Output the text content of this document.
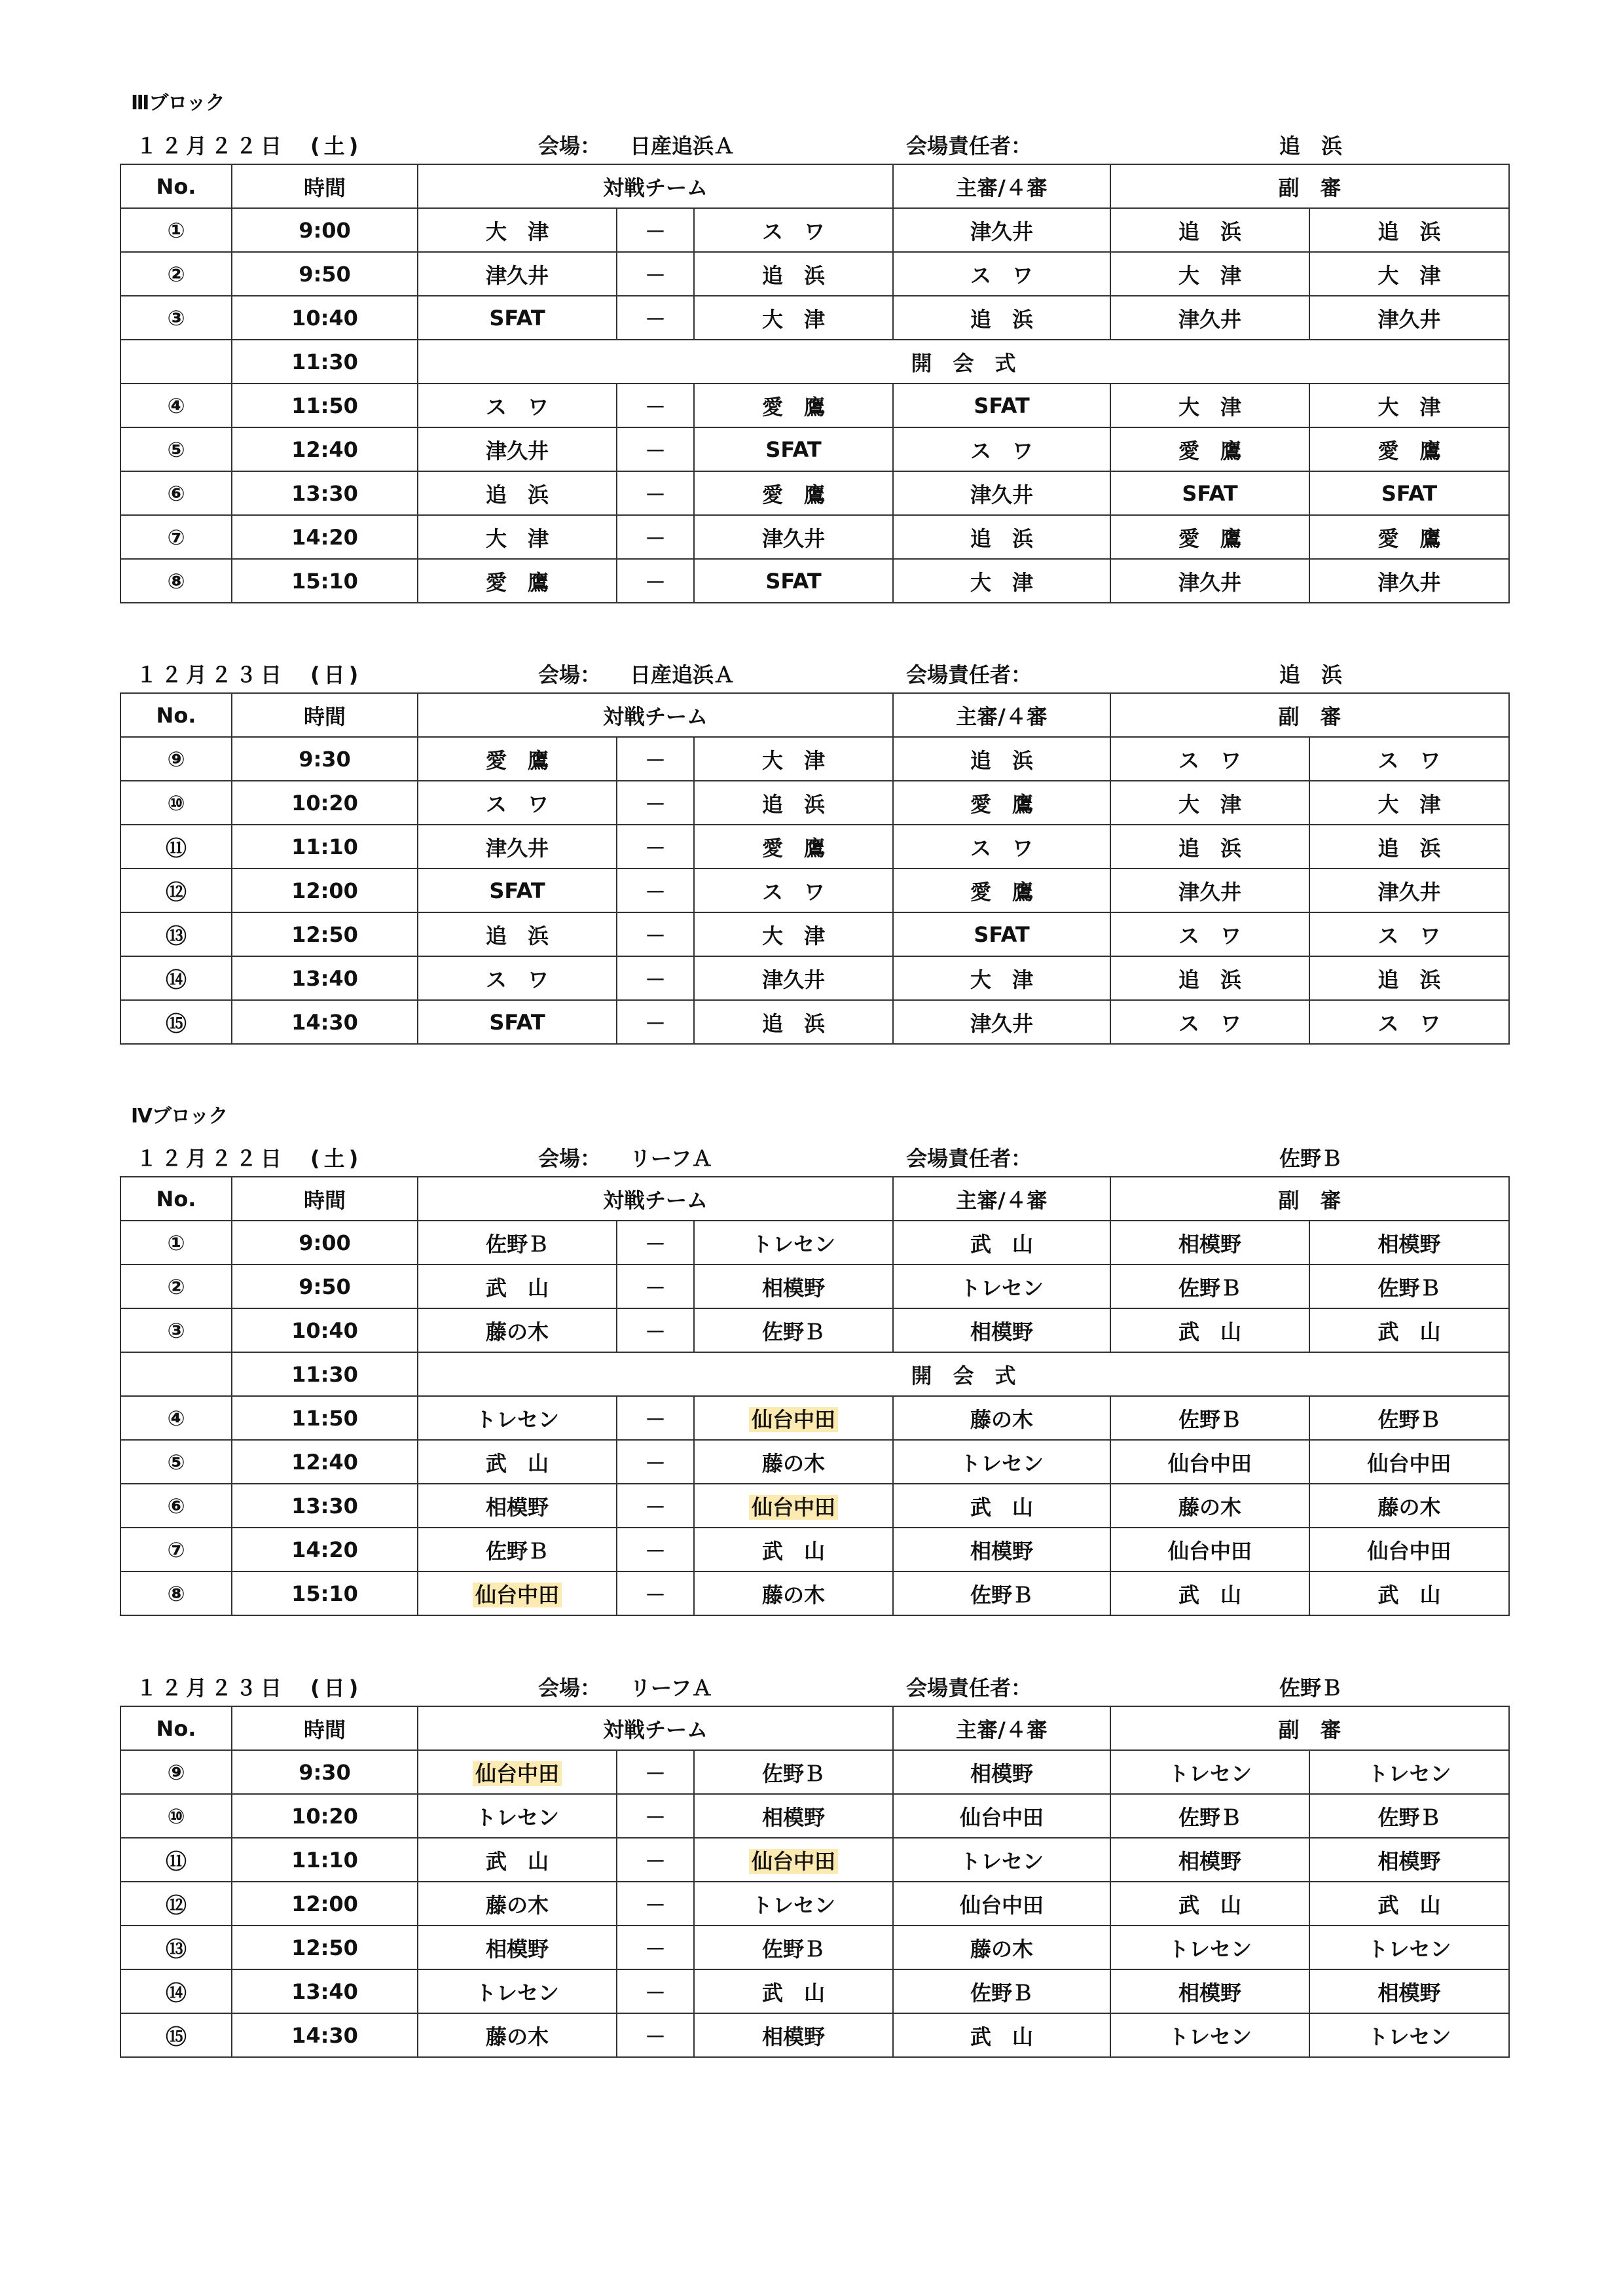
Ⅲブロック
１２月２２日　(土)	会場： 日産追浜Ａ	会場責任者：	追　浜
No.	時間	対戦チーム			主審/４審	副　審	
①	9:00	大　津	－	ス　ワ	津久井	追　浜	追　浜
②	9:50	津久井	－	追　浜	ス　ワ	大　津	大　津
③	10:40	SFAT	－	大　津	追　浜	津久井	津久井
	11:30	開　会　式					
④	11:50	ス　ワ	－	愛　鷹	SFAT	大　津	大　津
⑤	12:40	津久井	－	SFAT	ス　ワ	愛　鷹	愛　鷹
⑥	13:30	追　浜	－	愛　鷹	津久井	SFAT	SFAT
⑦	14:20	大　津	－	津久井	追　浜	愛　鷹	愛　鷹
⑧	15:10	愛　鷹	－	SFAT	大　津	津久井	津久井
１２月２３日　(日)	会場： 日産追浜Ａ	会場責任者：	追　浜
No.	時間	対戦チーム			主審/４審	副　審	
⑨	9:30	愛　鷹	－	大　津	追　浜	ス　ワ	ス　ワ
⑩	10:20	ス　ワ	－	追　浜	愛　鷹	大　津	大　津
⑪	11:10	津久井	－	愛　鷹	ス　ワ	追　浜	追　浜
⑫	12:00	SFAT	－	ス　ワ	愛　鷹	津久井	津久井
⑬	12:50	追　浜	－	大　津	SFAT	ス　ワ	ス　ワ
⑭	13:40	ス　ワ	－	津久井	大　津	追　浜	追　浜
⑮	14:30	SFAT	－	追　浜	津久井	ス　ワ	ス　ワ
Ⅳブロック
１２月２２日　(土)	会場： リーフＡ	会場責任者：	佐野Ｂ
No.	時間	対戦チーム			主審/４審	副　審	
①	9:00	佐野Ｂ	－	トレセン	武　山	相模野	相模野
②	9:50	武　山	－	相模野	トレセン	佐野Ｂ	佐野Ｂ
③	10:40	藤の木	－	佐野Ｂ	相模野	武　山	武　山
	11:30	開　会　式					
④	11:50	トレセン	－	仙台中田	藤の木	佐野Ｂ	佐野Ｂ
⑤	12:40	武　山	－	藤の木	トレセン	仙台中田	仙台中田
⑥	13:30	相模野	－	仙台中田	武　山	藤の木	藤の木
⑦	14:20	佐野Ｂ	－	武　山	相模野	仙台中田	仙台中田
⑧	15:10	仙台中田	－	藤の木	佐野Ｂ	武　山	武　山
１２月２３日　(日)	会場： リーフＡ	会場責任者：	佐野Ｂ
No.	時間	対戦チーム			主審/４審	副　審	
⑨	9:30	仙台中田	－	佐野Ｂ	相模野	トレセン	トレセン
⑩	10:20	トレセン	－	相模野	仙台中田	佐野Ｂ	佐野Ｂ
⑪	11:10	武　山	－	仙台中田	トレセン	相模野	相模野
⑫	12:00	藤の木	－	トレセン	仙台中田	武　山	武　山
⑬	12:50	相模野	－	佐野Ｂ	藤の木	トレセン	トレセン
⑭	13:40	トレセン	－	武　山	佐野Ｂ	相模野	相模野
⑮	14:30	藤の木	－	相模野	武　山	トレセン	トレセン
